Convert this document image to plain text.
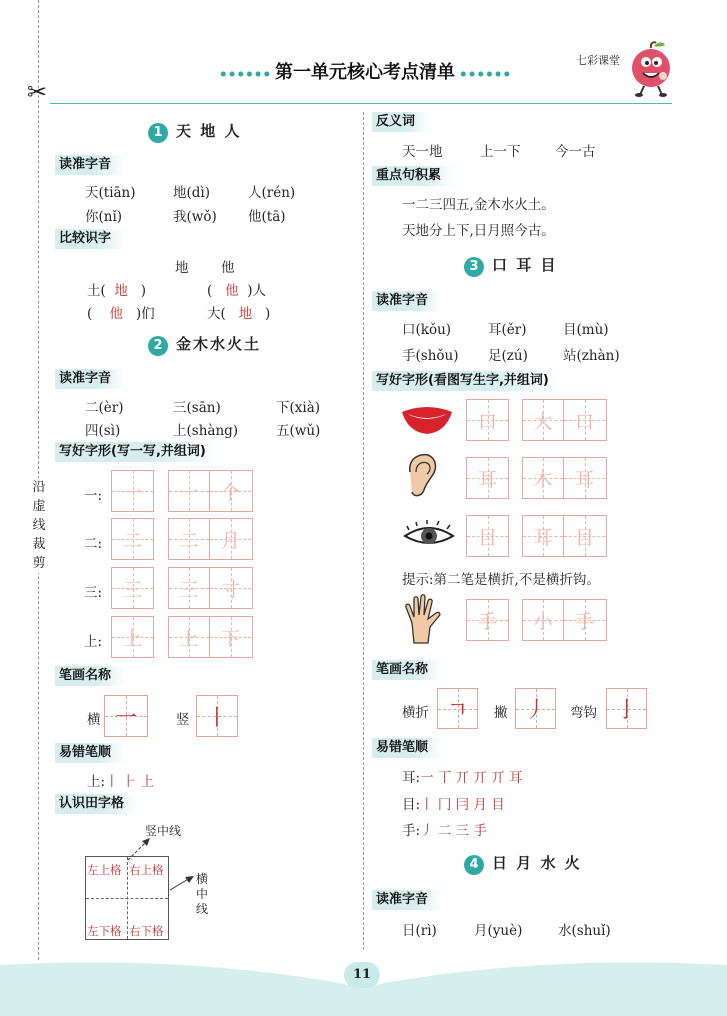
✂
沿
虚
线
裁
剪
第一单元核心考点清单
七彩课堂
1 天 地 人
读准字音
天(tiān)	地(dì)	人(rén)
你(nǐ)	我(wǒ) 他(tā)
比较识字
地 他
土( 地 )	( 他 )人
( 他 )们	大( 地 )
2 金木水火土
读准字音
二(èr)	三(sān)	下(xià)
四(sì)	上(shàng)	五(wǔ)
写好字形(写一写,并组词)
一: 一 一 个
二: 二 二 月
三: 三 三 寸
上: 上 上 下
笔画名称
横 一	竖 丨
易错笔顺
上:丨 ⺊ 上
认识田字格
竖中线
左上格 右上格
左下格 右下格
横
中
线
反义词
天一地	上一下	今一古
重点句积累
一二三四五,金木水火土。
天地分上下,日月照今古。
3 口 耳 目
读准字音
口(kǒu)	耳(ěr)	目(mù)
手(shǒu) 足(zú)	站(zhàn)
写好字形(看图写生字,并组词)
口 大 口
耳 木 耳
目 耳 目
提示:第二笔是横折,不是横折钩。
手 小 手
笔画名称
横折 ㄱ	撇 丿	弯钩 亅
易错笔顺
耳:一 丅 丌 丌 丌 耳
目:丨 冂 冃 月 目
手:丿 二 三 手
4 日 月 水 火
读准字音
日(rì)	月(yuè)	水(shuǐ)
11
